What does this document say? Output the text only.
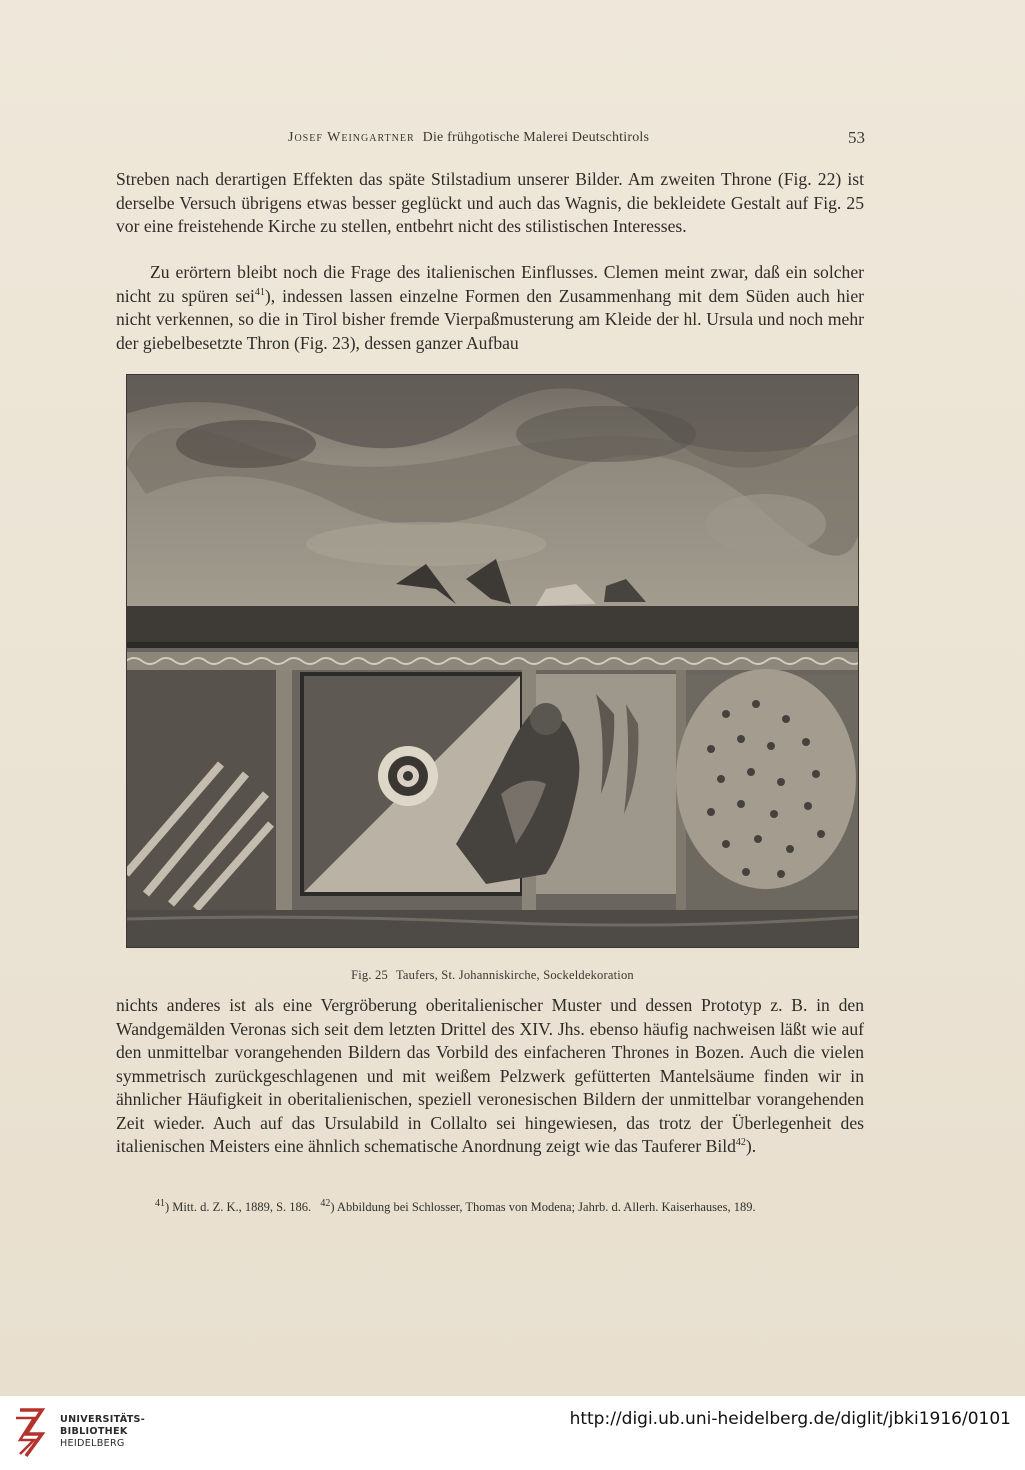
Josef Weingartner Die frühgotische Malerei Deutschtirols	53

Streben nach derartigen Effekten das späte Stilstadium unserer Bilder. Am zweiten Throne (Fig. 22) ist derselbe Versuch übrigens etwas besser geglückt und auch das Wagnis, die bekleidete Gestalt auf Fig. 25 vor eine freistehende Kirche zu stellen, entbehrt nicht des stilistischen Interesses.

Zu erörtern bleibt noch die Frage des italienischen Einflusses. Clemen meint zwar, daß ein solcher nicht zu spüren sei$^{41}$), indessen lassen einzelne Formen den Zusammenhang mit dem Süden auch hier nicht verkennen, so die in Tirol bisher fremde Vierpaßmusterung am Kleide der hl. Ursula und noch mehr der giebelbesetzte Thron (Fig. 23), dessen ganzer Aufbau

Fig. 25 Taufers, St. Johanniskirche, Sockeldekoration

nichts anderes ist als eine Vergröberung oberitalienischer Muster und dessen Prototyp z. B. in den Wandgemälden Veronas sich seit dem letzten Drittel des XIV. Jhs. ebenso häufig nachweisen läßt wie auf den unmittelbar vorangehenden Bildern das Vorbild des einfacheren Thrones in Bozen. Auch die vielen symmetrisch zurückgeschlagenen und mit weißem Pelzwerk gefütterten Mantelsäume finden wir in ähnlicher Häufigkeit in oberitalienischen, speziell veronesischen Bildern der unmittelbar vorangehenden Zeit wieder. Auch auf das Ursulabild in Collalto sei hingewiesen, das trotz der Überlegenheit des italienischen Meisters eine ähnlich schematische Anordnung zeigt wie das Tauferer Bild$^{42}$).

$^{41}$) Mitt. d. Z. K., 1889, S. 186. $^{42}$) Abbildung bei Schlosser, Thomas von Modena; Jahrb. d. Allerh. Kaiserhauses, 189.
UNIVERSITÄTS-
BIBLIOTHEK
HEIDELBERG
http://digi.ub.uni-heidelberg.de/diglit/jbki1916/0101
